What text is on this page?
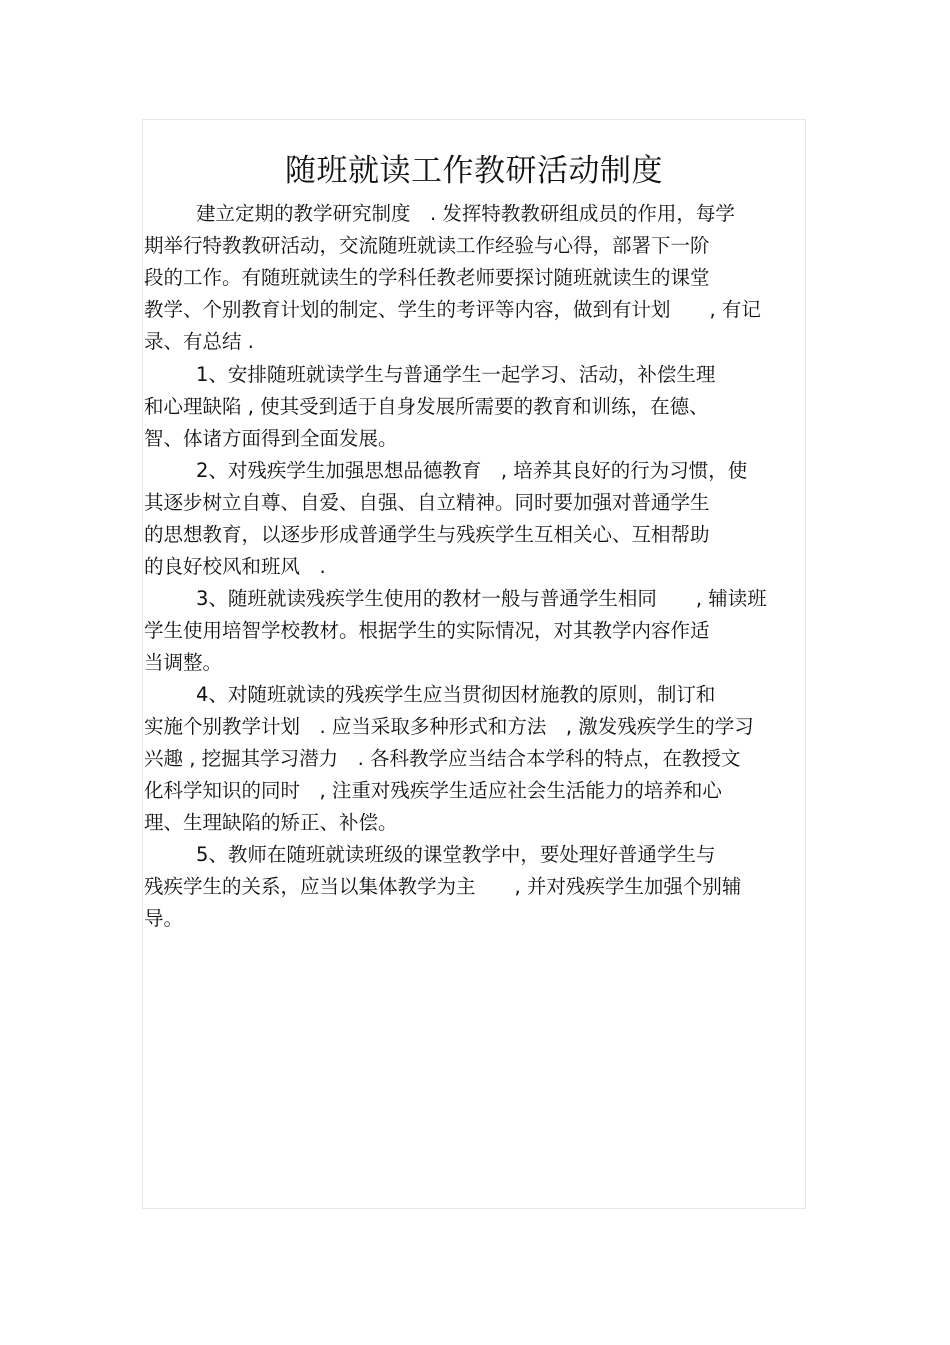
随班就读工作教研活动制度
建立定期的教学研究制度　. 发挥特教教研组成员的作用，每学
期举行特教教研活动，交流随班就读工作经验与心得，部署下一阶
段的工作。有随班就读生的学科任教老师要探讨随班就读生的课堂
教学、个别教育计划的制定、学生的考评等内容，做到有计划　　, 有记
录、有总结 .
1、安排随班就读学生与普通学生一起学习、活动，补偿生理
和心理缺陷 , 使其受到适于自身发展所需要的教育和训练，在德、
智、体诸方面得到全面发展。
2、对残疾学生加强思想品德教育　, 培养其良好的行为习惯，使
其逐步树立自尊、自爱、自强、自立精神。同时要加强对普通学生
的思想教育，以逐步形成普通学生与残疾学生互相关心、互相帮助
的良好校风和班风　.
3、随班就读残疾学生使用的教材一般与普通学生相同　　, 辅读班
学生使用培智学校教材。根据学生的实际情况，对其教学内容作适
当调整。
4、对随班就读的残疾学生应当贯彻因材施教的原则，制订和
实施个别教学计划　. 应当采取多种形式和方法　, 激发残疾学生的学习
兴趣 , 挖掘其学习潜力　. 各科教学应当结合本学科的特点，在教授文
化科学知识的同时　, 注重对残疾学生适应社会生活能力的培养和心
理、生理缺陷的矫正、补偿。
5、教师在随班就读班级的课堂教学中，要处理好普通学生与
残疾学生的关系，应当以集体教学为主　　, 并对残疾学生加强个别辅
导。
